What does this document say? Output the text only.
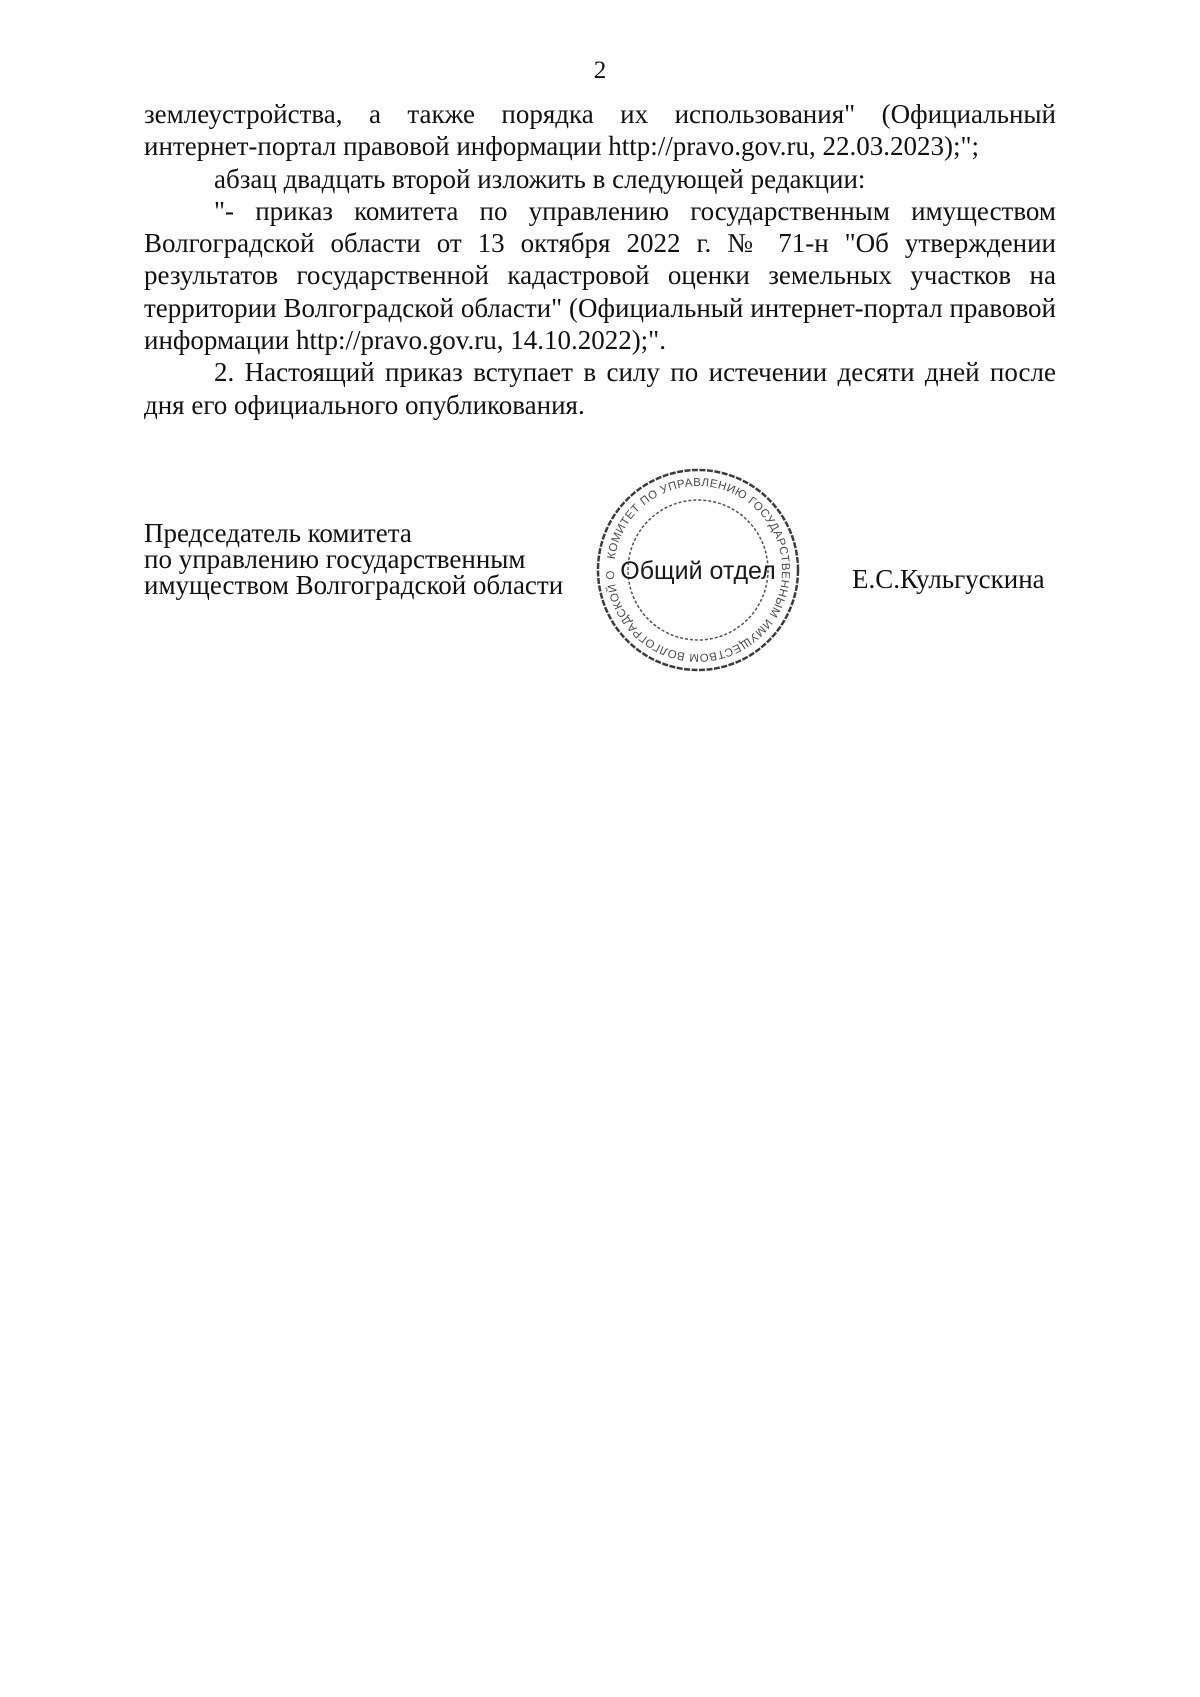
2

землеустройства, а также порядка их использования" (Официальный интернет-портал правовой информации http://pravo.gov.ru, 22.03.2023);";

абзац двадцать второй изложить в следующей редакции:

"- приказ комитета по управлению государственным имуществом Волгоградской области от 13 октября 2022 г. № 71-н "Об утверждении результатов государственной кадастровой оценки земельных участков на территории Волгоградской области" (Официальный интернет-портал правовой информации http://pravo.gov.ru, 14.10.2022);".

2. Настоящий приказ вступает в силу по истечении десяти дней после дня его официального опубликования.

Председатель комитета
по управлению государственным
имуществом Волгоградской области
КОМИТЕТ ПО УПРАВЛЕНИЮ ГОСУДАРСТВЕННЫМ ИМУЩЕСТВОМ ВОЛГОГРАДСКОЙ О Общий отдел	Е.С.Кульгускина
